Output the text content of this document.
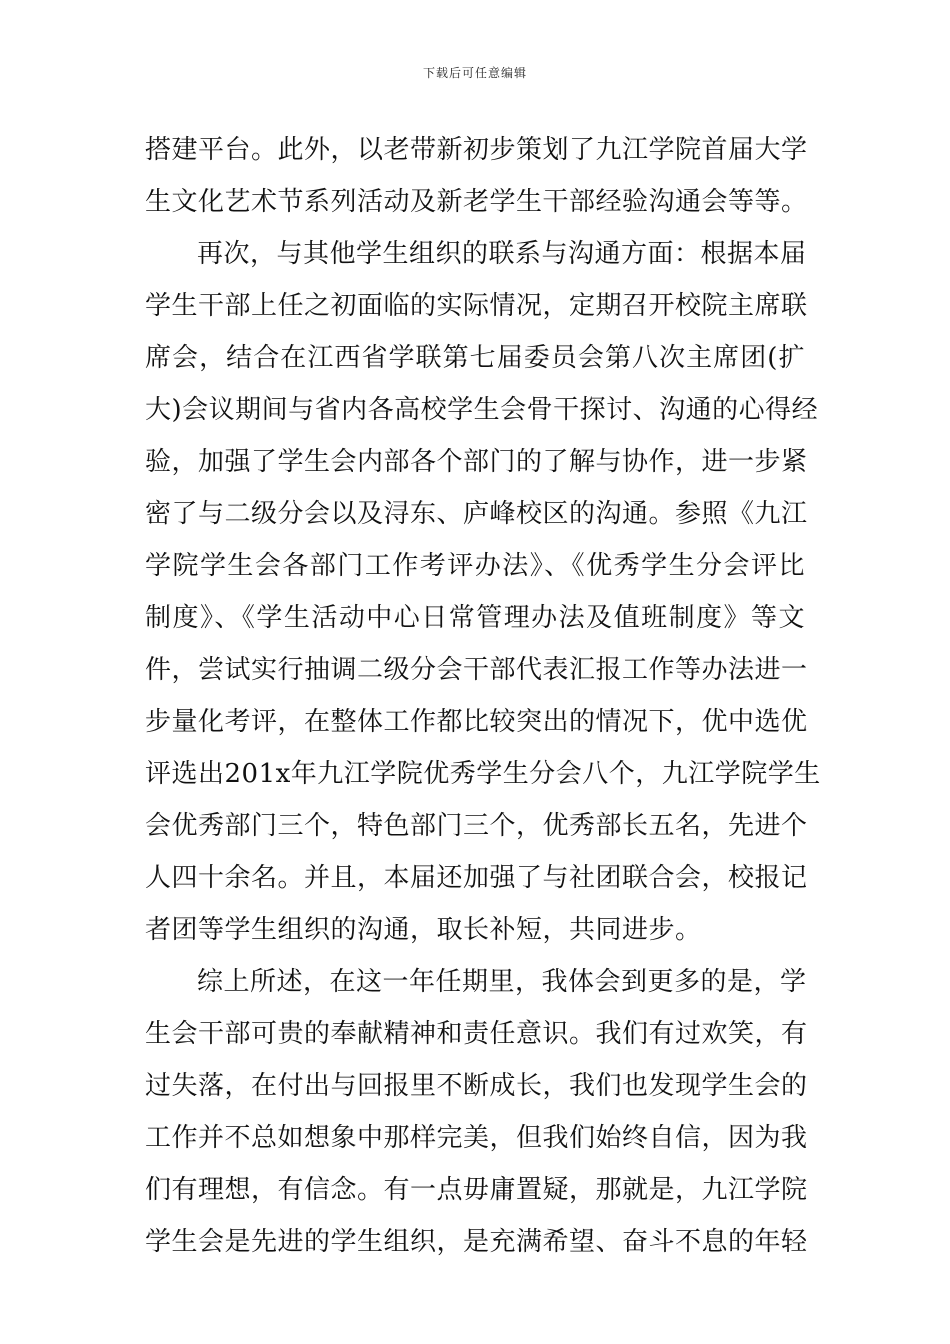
下载后可任意编辑
搭建平台。此外，以老带新初步策划了九江学院首届大学
生文化艺术节系列活动及新老学生干部经验沟通会等等。
再次，与其他学生组织的联系与沟通方面：根据本届
学生干部上任之初面临的实际情况，定期召开校院主席联
席会，结合在江西省学联第七届委员会第八次主席团(扩
大)会议期间与省内各高校学生会骨干探讨、沟通的心得经
验，加强了学生会内部各个部门的了解与协作，进一步紧
密了与二级分会以及浔东、庐峰校区的沟通。参照《九江
学院学生会各部门工作考评办法》、《优秀学生分会评比
制度》、《学生活动中心日常管理办法及值班制度》等文
件，尝试实行抽调二级分会干部代表汇报工作等办法进一
步量化考评，在整体工作都比较突出的情况下，优中选优
评选出201x年九江学院优秀学生分会八个，九江学院学生
会优秀部门三个，特色部门三个，优秀部长五名，先进个
人四十余名。并且，本届还加强了与社团联合会，校报记
者团等学生组织的沟通，取长补短，共同进步。
综上所述，在这一年任期里，我体会到更多的是，学
生会干部可贵的奉献精神和责任意识。我们有过欢笑，有
过失落，在付出与回报里不断成长，我们也发现学生会的
工作并不总如想象中那样完美，但我们始终自信，因为我
们有理想，有信念。有一点毋庸置疑，那就是，九江学院
学生会是先进的学生组织，是充满希望、奋斗不息的年轻
